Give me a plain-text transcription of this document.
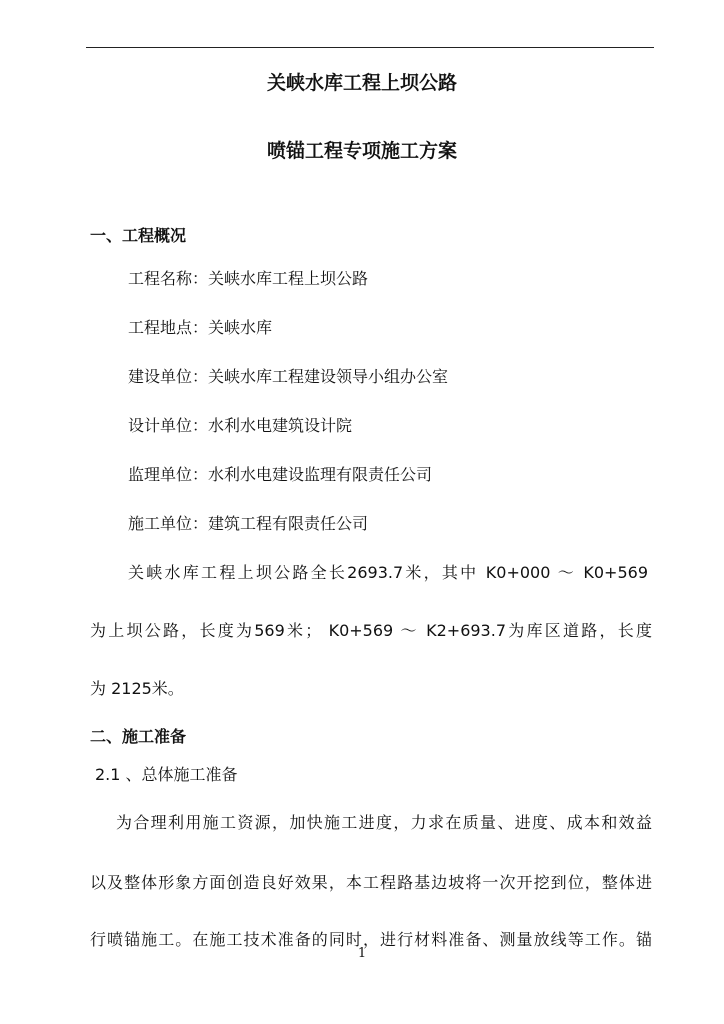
关峡水库工程上坝公路
喷锚工程专项施工方案
一、工程概况
工程名称：关峡水库工程上坝公路
工程地点：关峡水库
建设单位：关峡水库工程建设领导小组办公室
设计单位：水利水电建筑设计院
监理单位：水利水电建设监理有限责任公司
施工单位：建筑工程有限责任公司
关峡水库工程上坝公路全长2693.7米，其中 K0+000 ～ K0+569
为上坝公路，长度为569米； K0+569 ～ K2+693.7为库区道路，长度
为 2125米。
二、施工准备
2.1 、总体施工准备
为合理利用施工资源，加快施工进度，力求在质量、进度、成本和效益
以及整体形象方面创造良好效果，本工程路基边坡将一次开挖到位，整体进
行喷锚施工。在施工技术准备的同时，进行材料准备、测量放线等工作。锚
1
